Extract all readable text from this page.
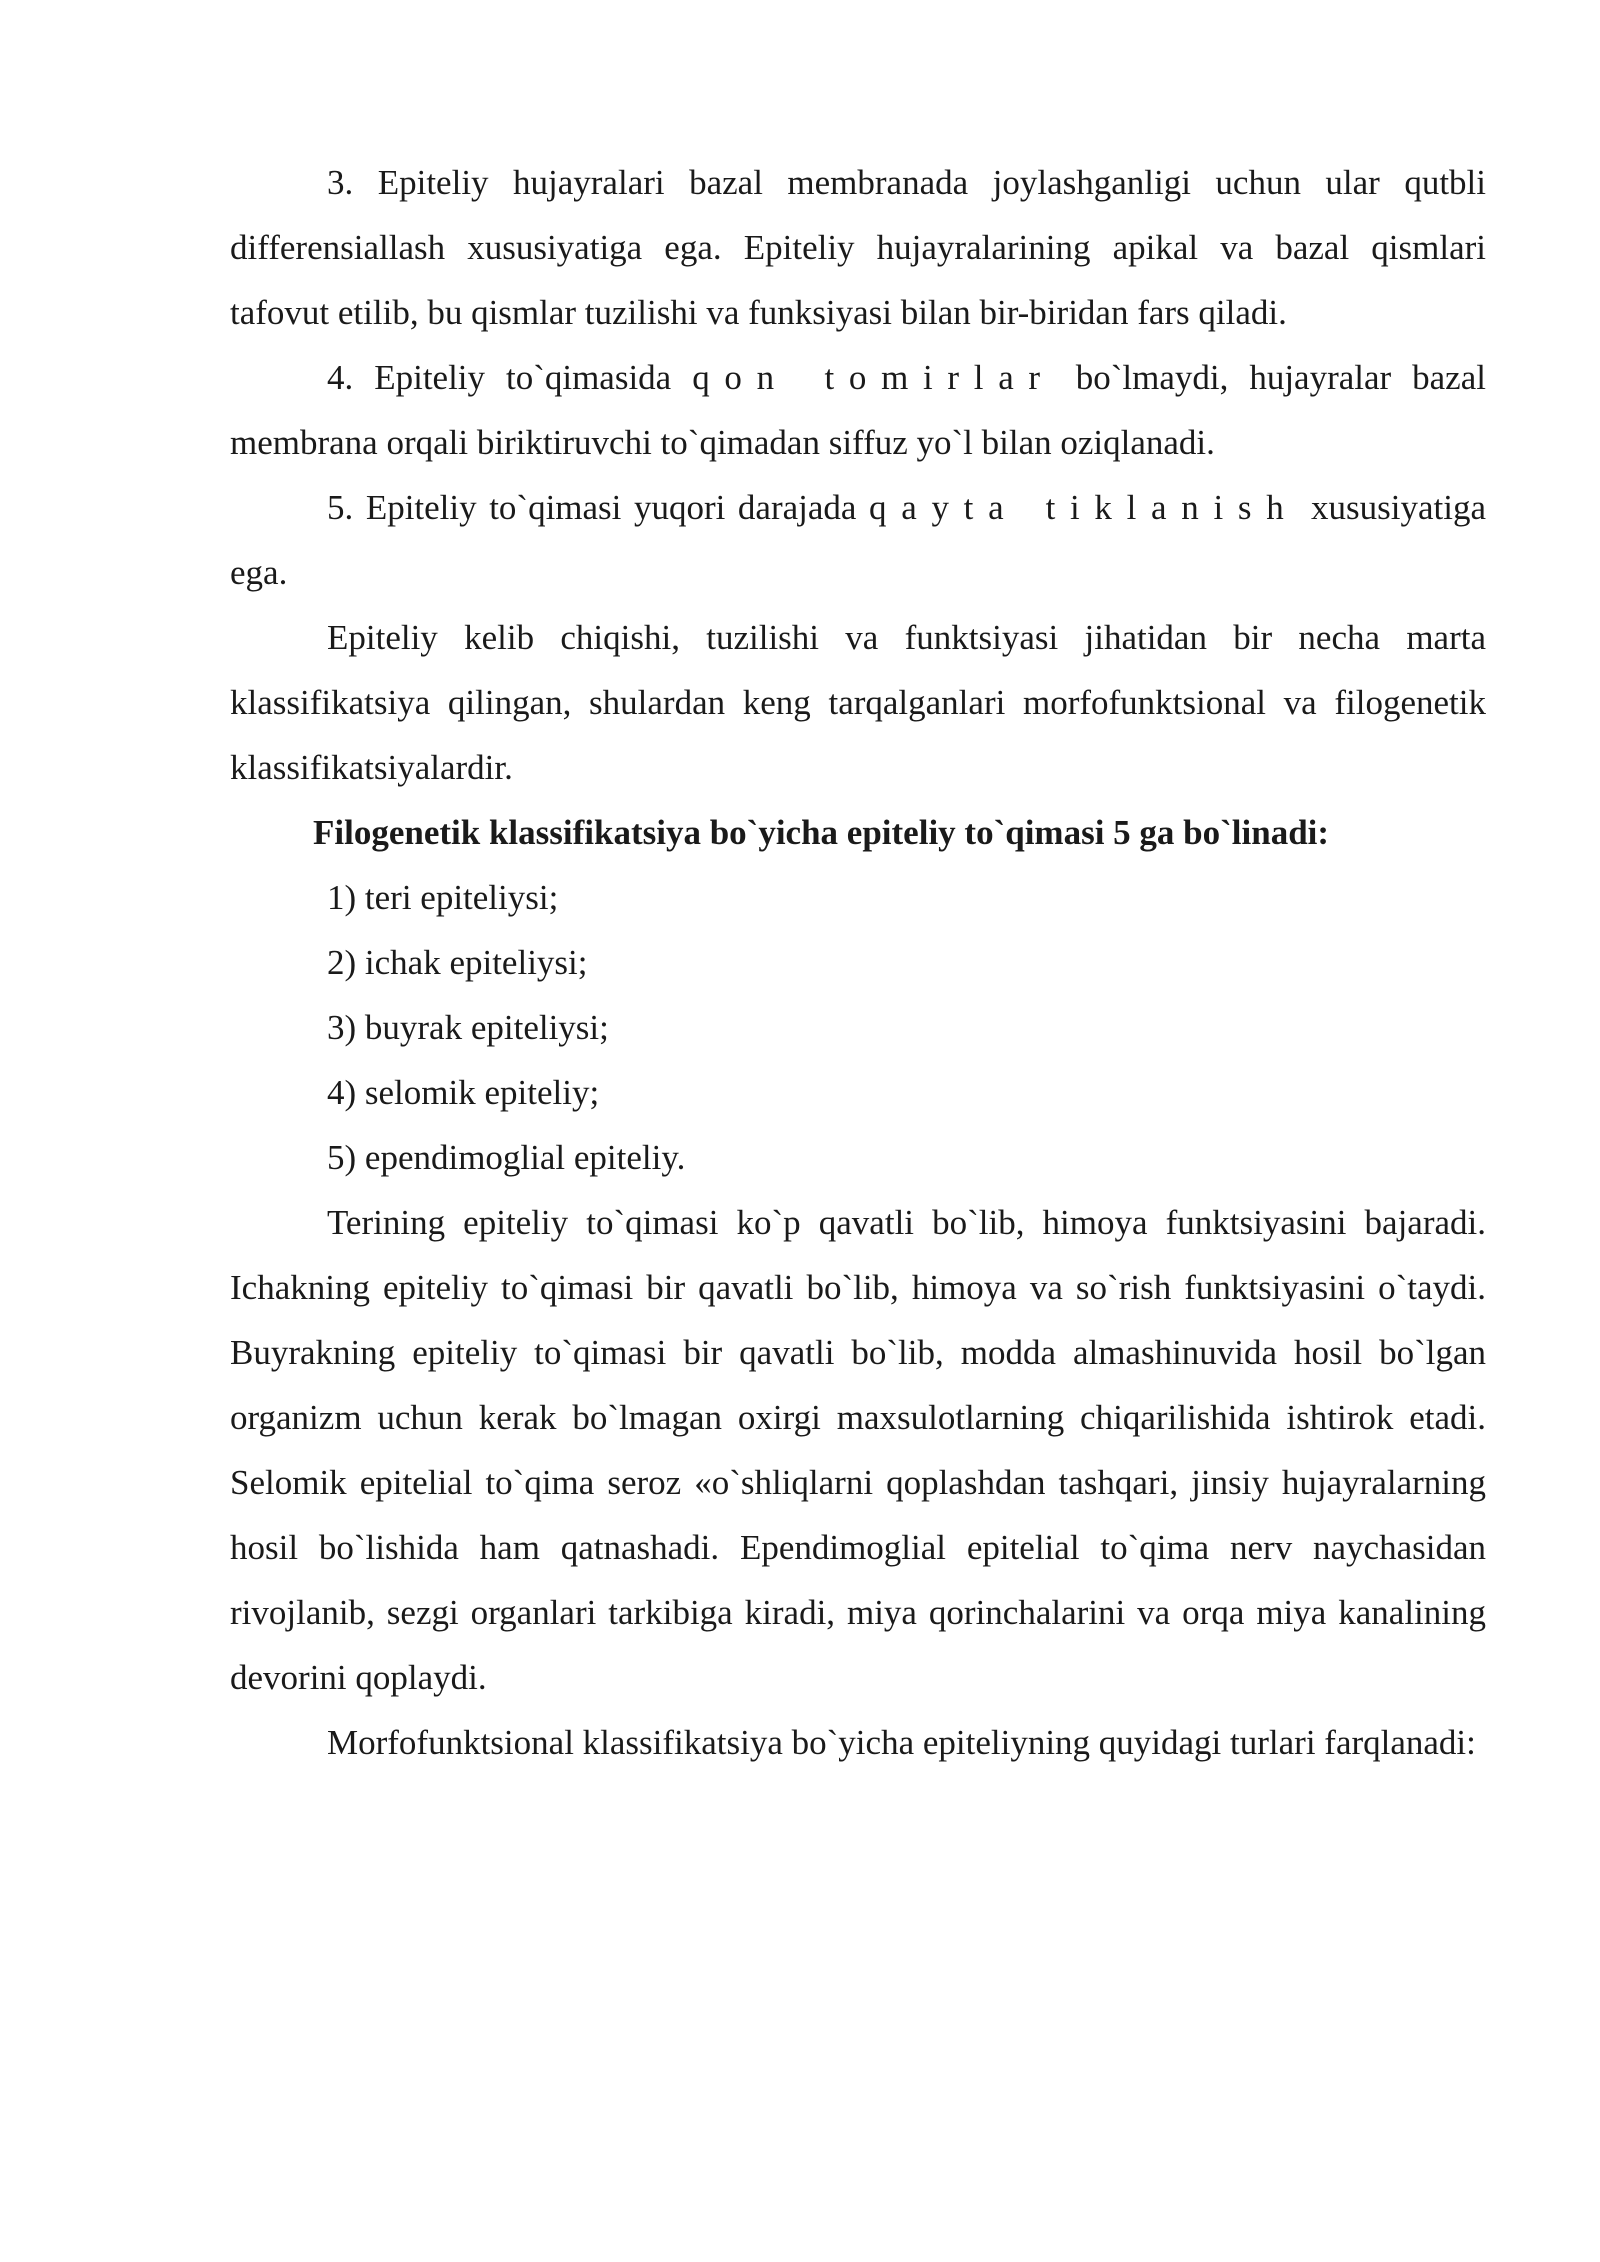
3. Epiteliy hujayralari bazal membranada joylashganligi uchun ular qutbli differensiallash xususiyatiga ega. Epiteliy hujayralarining apikal va bazal qismlari tafovut etilib, bu qismlar tuzilishi va funksiyasi bilan bir-biridan fars qiladi.

4. Epiteliy to`qimasida qon tomirlar bo`lmaydi, hujayralar bazal membrana orqali biriktiruvchi to`qimadan siffuz yo`l bilan oziqlanadi.

5. Epiteliy to`qimasi yuqori darajada qayta tiklanish xususiyatiga ega.

Epiteliy kelib chiqishi, tuzilishi va funktsiyasi jihatidan bir necha marta klassifikatsiya qilingan, shulardan keng tarqalganlari morfofunktsional va filogenetik klassifikatsiyalardir.

Filogenetik klassifikatsiya bo`yicha epiteliy to`qimasi 5 ga bo`linadi:

1) teri epiteliysi;
2) ichak epiteliysi;
3) buyrak epiteliysi;
4) selomik epiteliy;
5) ependimoglial epiteliy.

Terining epiteliy to`qimasi ko`p qavatli bo`lib, himoya funktsiyasini bajaradi. Ichakning epiteliy to`qimasi bir qavatli bo`lib, himoya va so`rish funktsiyasini o`taydi. Buyrakning epiteliy to`qimasi bir qavatli bo`lib, modda almashinuvida hosil bo`lgan organizm uchun kerak bo`lmagan oxirgi maxsulotlarning chiqarilishida ishtirok etadi. Selomik epitelial to`qima seroz «o`shliqlarni qoplashdan tashqari, jinsiy hujayralarning hosil bo`lishida ham qatnashadi. Ependimoglial epitelial to`qima nerv naychasidan rivojlanib, sezgi organlari tarkibiga kiradi, miya qorinchalarini va orqa miya kanalining devorini qoplaydi.

Morfofunktsional klassifikatsiya bo`yicha epiteliyning quyidagi turlari farqlanadi:
